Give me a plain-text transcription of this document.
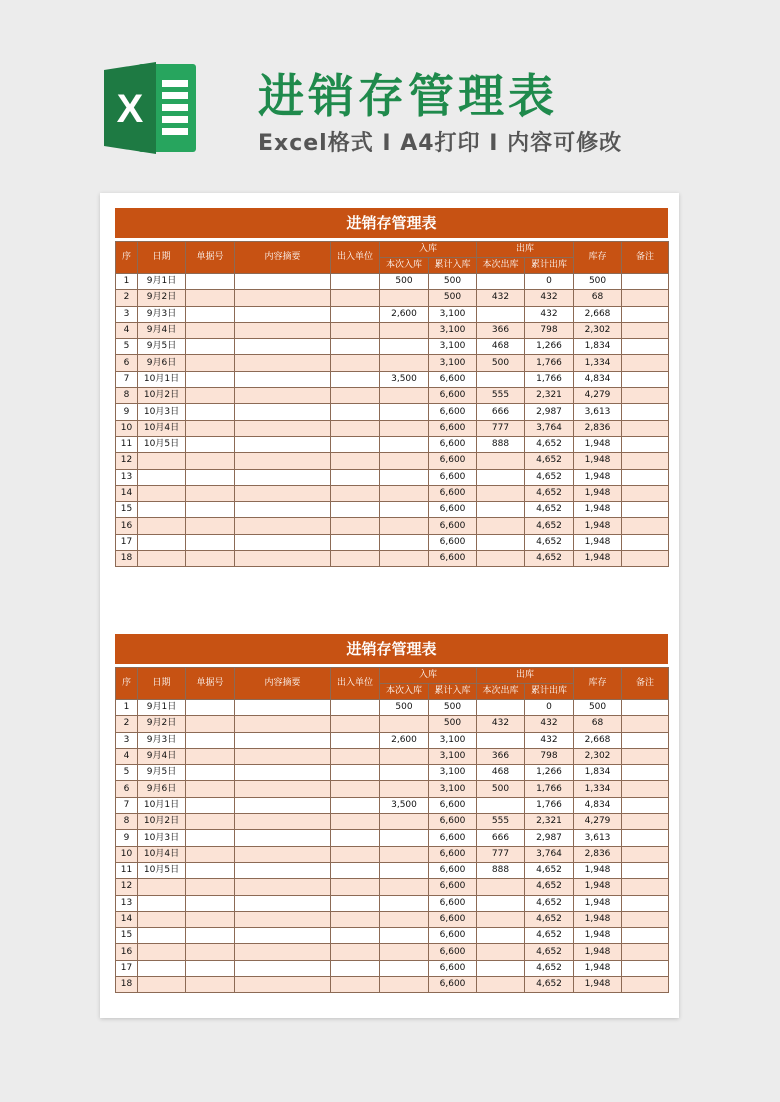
X 进销存管理表
Excel格式 I A4打印 I 内容可修改
进销存管理表
序	日期	单据号	内容摘要	出入单位	入库		出库		库存	备注
					本次入库	累计入库	本次出库	累计出库		
1	9月1日				500	500		0	500	
2	9月2日					500	432	432	68	
3	9月3日				2,600	3,100		432	2,668	
4	9月4日					3,100	366	798	2,302	
5	9月5日					3,100	468	1,266	1,834	
6	9月6日					3,100	500	1,766	1,334	
7	10月1日				3,500	6,600		1,766	4,834	
8	10月2日					6,600	555	2,321	4,279	
9	10月3日					6,600	666	2,987	3,613	
10	10月4日					6,600	777	3,764	2,836	
11	10月5日					6,600	888	4,652	1,948	
12						6,600		4,652	1,948	
13						6,600		4,652	1,948	
14						6,600		4,652	1,948	
15						6,600		4,652	1,948	
16						6,600		4,652	1,948	
17						6,600		4,652	1,948	
18						6,600		4,652	1,948	
进销存管理表
序	日期	单据号	内容摘要	出入单位	入库		出库		库存	备注
					本次入库	累计入库	本次出库	累计出库		
1	9月1日				500	500		0	500	
2	9月2日					500	432	432	68	
3	9月3日				2,600	3,100		432	2,668	
4	9月4日					3,100	366	798	2,302	
5	9月5日					3,100	468	1,266	1,834	
6	9月6日					3,100	500	1,766	1,334	
7	10月1日				3,500	6,600		1,766	4,834	
8	10月2日					6,600	555	2,321	4,279	
9	10月3日					6,600	666	2,987	3,613	
10	10月4日					6,600	777	3,764	2,836	
11	10月5日					6,600	888	4,652	1,948	
12						6,600		4,652	1,948	
13						6,600		4,652	1,948	
14						6,600		4,652	1,948	
15						6,600		4,652	1,948	
16						6,600		4,652	1,948	
17						6,600		4,652	1,948	
18						6,600		4,652	1,948	
